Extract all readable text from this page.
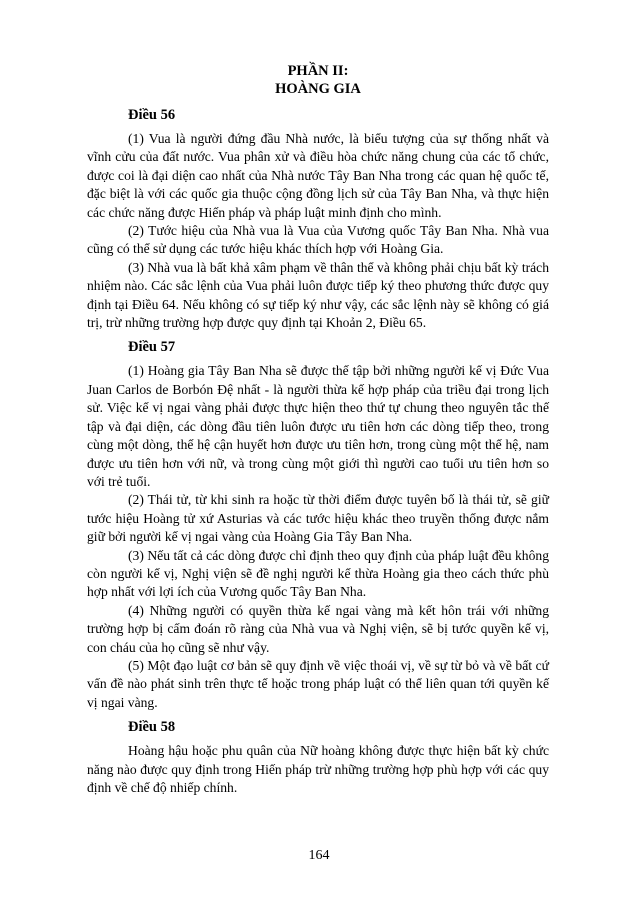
PHẦN II:

HOÀNG GIA

Điều 56

(1) Vua là người đứng đầu Nhà nước, là biểu tượng của sự thống nhất và vĩnh cửu của đất nước. Vua phân xử và điều hòa chức năng chung của các tổ chức, được coi là đại diện cao nhất của Nhà nước Tây Ban Nha trong các quan hệ quốc tế, đặc biệt là với các quốc gia thuộc cộng đồng lịch sử của Tây Ban Nha, và thực hiện các chức năng được Hiến pháp và pháp luật minh định cho mình.

(2) Tước hiệu của Nhà vua là Vua của Vương quốc Tây Ban Nha. Nhà vua cũng có thể sử dụng các tước hiệu khác thích hợp với Hoàng Gia.

(3) Nhà vua là bất khả xâm phạm về thân thể và không phải chịu bất kỳ trách nhiệm nào. Các sắc lệnh của Vua phải luôn được tiếp ký theo phương thức được quy định tại Điều 64. Nếu không có sự tiếp ký như vậy, các sắc lệnh này sẽ không có giá trị, trừ những trường hợp được quy định tại Khoản 2, Điều 65.

Điều 57

(1) Hoàng gia Tây Ban Nha sẽ được thế tập bởi những người kế vị Đức Vua Juan Carlos de Borbón Đệ nhất - là người thừa kế hợp pháp của triều đại trong lịch sử. Việc kế vị ngai vàng phải được thực hiện theo thứ tự chung theo nguyên tắc thế tập và đại diện, các dòng đầu tiên luôn được ưu tiên hơn các dòng tiếp theo, trong cùng một dòng, thế hệ cận huyết hơn được ưu tiên hơn, trong cùng một thế hệ, nam được ưu tiên hơn với nữ, và trong cùng một giới thì người cao tuổi ưu tiên hơn so với trẻ tuổi.

(2) Thái tử, từ khi sinh ra hoặc từ thời điểm được tuyên bố là thái tử, sẽ giữ tước hiệu Hoàng tử xứ Asturias và các tước hiệu khác theo truyền thống được nắm giữ bởi người kế vị ngai vàng của Hoàng Gia Tây Ban Nha.

(3) Nếu tất cả các dòng được chỉ định theo quy định của pháp luật đều không còn người kế vị, Nghị viện sẽ đề nghị người kế thừa Hoàng gia theo cách thức phù hợp nhất với lợi ích của Vương quốc Tây Ban Nha.

(4) Những người có quyền thừa kế ngai vàng mà kết hôn trái với những trường hợp bị cấm đoán rõ ràng của Nhà vua và Nghị viện, sẽ bị tước quyền kế vị, con cháu của họ cũng sẽ như vậy.

(5) Một đạo luật cơ bản sẽ quy định về việc thoái vị, về sự từ bỏ và về bất cứ vấn đề nào phát sinh trên thực tế hoặc trong pháp luật có thể liên quan tới quyền kế vị ngai vàng.

Điều 58

Hoàng hậu hoặc phu quân của Nữ hoàng không được thực hiện bất kỳ chức năng nào được quy định trong Hiến pháp trừ những trường hợp phù hợp với các quy định về chế độ nhiếp chính.

164
